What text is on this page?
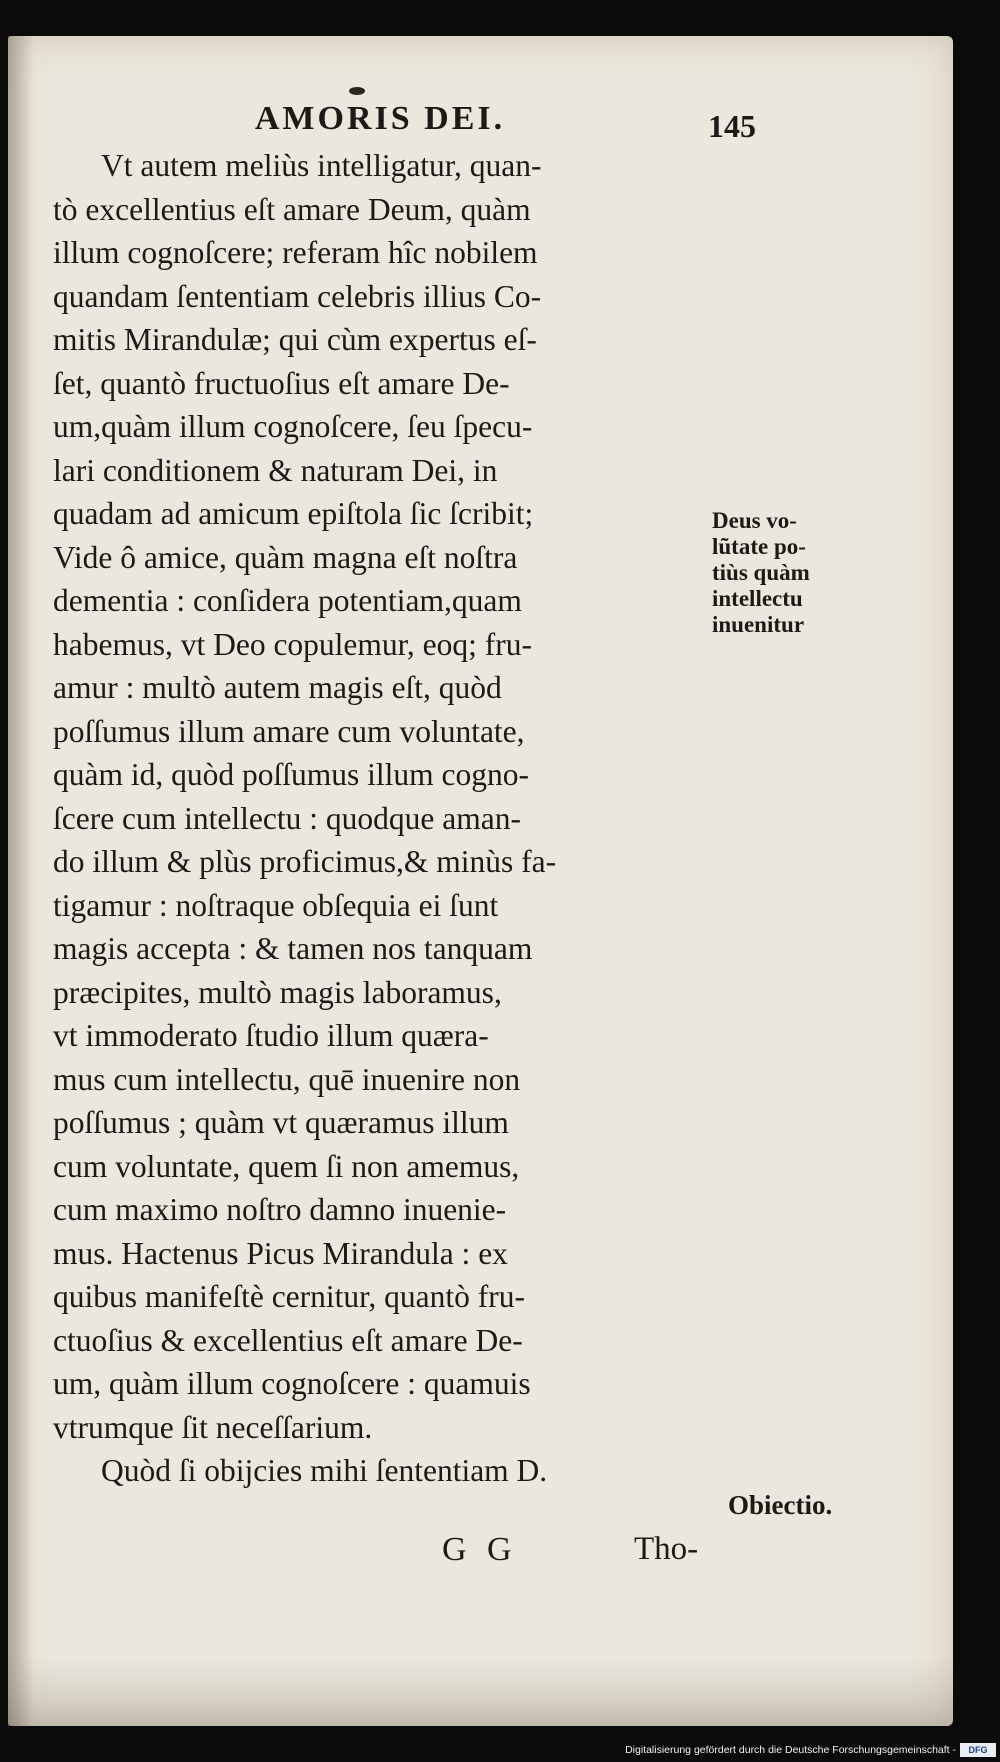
AMORIS DEI.	145
Vt autem meliùs intelligatur, quan-
tò excellentius eſt amare Deum, quàm
illum cognoſcere; referam hîc nobilem
quandam ſententiam celebris illius Co-
mitis Mirandulæ; qui cùm expertus eſ-
ſet, quantò fructuoſius eſt amare De-
um,quàm illum cognoſcere, ſeu ſpecu-
lari conditionem & naturam Dei, in
quadam ad amicum epiſtola ſic ſcribit;
Vide ô amice, quàm magna eſt noſtra
dementia : conſidera potentiam,quam
habemus, vt Deo copulemur, eoq; fru-
amur : multò autem magis eſt, quòd
poſſumus illum amare cum voluntate,
quàm id, quòd poſſumus illum cogno-
ſcere cum intellectu : quodque aman-
do illum & plùs proficimus,& minùs fa-
tigamur : noſtraque obſequia ei ſunt
magis accepta : & tamen nos tanquam
præcipites, multò magis laboramus,
vt immoderato ſtudio illum quæra-
mus cum intellectu, quē inuenire non
poſſumus ; quàm vt quæramus illum
cum voluntate, quem ſi non amemus,
cum maximo noſtro damno inuenie-
mus. Hactenus Picus Mirandula : ex
quibus manifeſtè cernitur, quantò fru-
ctuoſius & excellentius eſt amare De-
um, quàm illum cognoſcere : quamuis
vtrumque ſit neceſſarium.
Quòd ſi obijcies mihi ſententiam D.
Deus vo-
lũtate po-
tiùs quàm
intellectu
inuenitur
Obiectio.
G G	Tho-
Digitalisierung gefördert durch die Deutsche Forschungsgemeinschaft -	DFG
